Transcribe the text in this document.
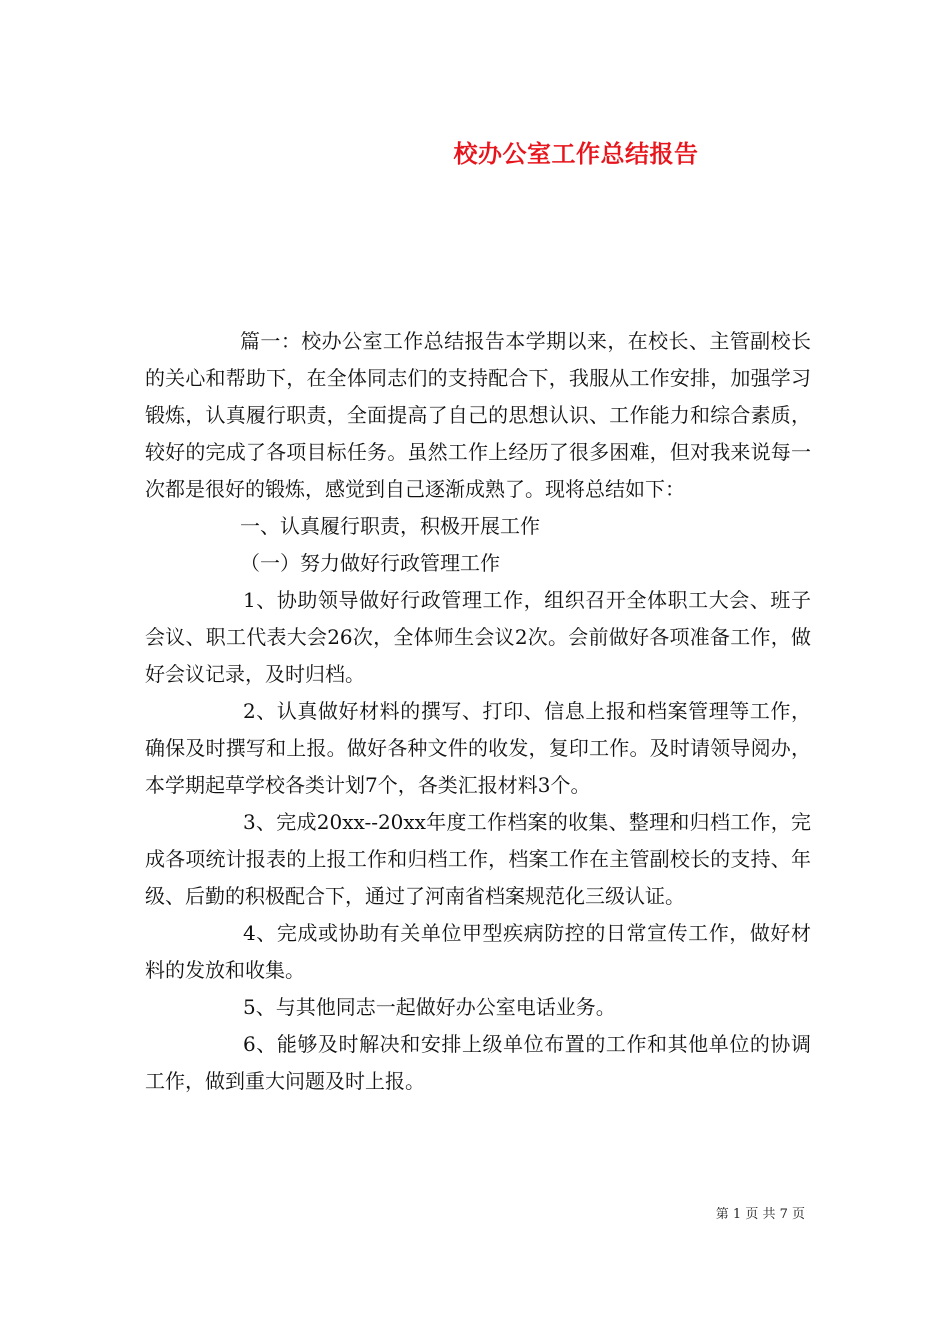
校办公室工作总结报告

篇一：校办公室工作总结报告本学期以来，在校长、主管副校长的关心和帮助下，在全体同志们的支持配合下，我服从工作安排，加强学习锻炼，认真履行职责，全面提高了自己的思想认识、工作能力和综合素质，较好的完成了各项目标任务。虽然工作上经历了很多困难，但对我来说每一次都是很好的锻炼，感觉到自己逐渐成熟了。现将总结如下：

一、认真履行职责，积极开展工作

（一）努力做好行政管理工作

1、协助领导做好行政管理工作，组织召开全体职工大会、班子会议、职工代表大会26次，全体师生会议2次。会前做好各项准备工作，做好会议记录，及时归档。

2、认真做好材料的撰写、打印、信息上报和档案管理等工作，确保及时撰写和上报。做好各种文件的收发，复印工作。及时请领导阅办，本学期起草学校各类计划7个，各类汇报材料3个。

3、完成20xx--20xx年度工作档案的收集、整理和归档工作，完成各项统计报表的上报工作和归档工作，档案工作在主管副校长的支持、年级、后勤的积极配合下，通过了河南省档案规范化三级认证。

4、完成或协助有关单位甲型疾病防控的日常宣传工作，做好材料的发放和收集。

5、与其他同志一起做好办公室电话业务。

6、能够及时解决和安排上级单位布置的工作和其他单位的协调工作，做到重大问题及时上报。

第 1 页 共 7 页
